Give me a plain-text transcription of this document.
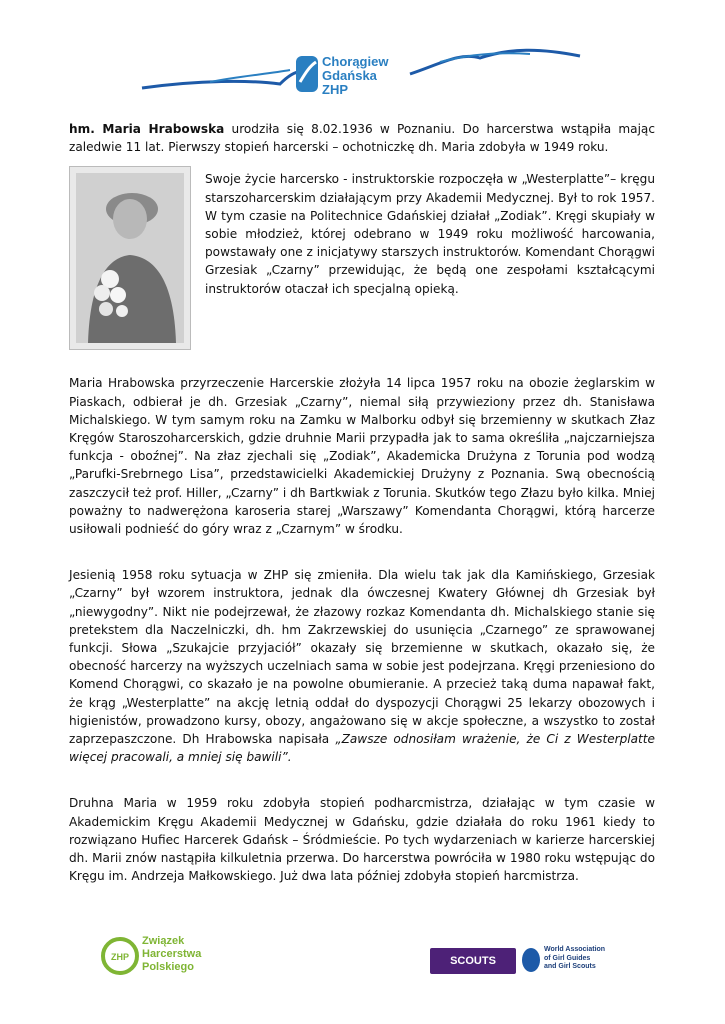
Chorągiew
Gdańska
ZHP

hm. Maria Hrabowska urodziła się 8.02.1936 w Poznaniu. Do harcerstwa wstąpiła mając zaledwie 11 lat. Pierwszy stopień harcerski – ochotniczkę dh. Maria zdobyła w 1949 roku.

Swoje życie harcersko - instruktorskie rozpoczęła w „Westerplatte”– kręgu starszoharcerskim działającym przy Akademii Medycznej. Był to rok 1957. W tym czasie na Politechnice Gdańskiej działał „Zodiak”. Kręgi skupiały w sobie młodzież, której odebrano w 1949 roku możliwość harcowania, powstawały one z inicjatywy starszych instruktorów. Komendant Chorągwi Grzesiak „Czarny” przewidując, że będą one zespołami kształcącymi instruktorów otaczał ich specjalną opieką.

Maria Hrabowska przyrzeczenie Harcerskie złożyła 14 lipca 1957 roku na obozie żeglarskim w Piaskach, odbierał je dh. Grzesiak „Czarny”, niemal siłą przywieziony przez dh. Stanisława Michalskiego. W tym samym roku na Zamku w Malborku odbył się brzemienny w skutkach Złaz Kręgów Staroszoharcerskich, gdzie druhnie Marii przypadła jak to sama określiła „najczarniejsza funkcja - oboźnej”. Na złaz zjechali się „Zodiak”, Akademicka Drużyna z Torunia pod wodzą „Parufki-Srebrnego Lisa”, przedstawicielki Akademickiej Drużyny z Poznania. Swą obecnością zaszczycił też prof. Hiller, „Czarny” i dh Bartkwiak z Torunia. Skutków tego Złazu było kilka. Mniej poważny to nadwerężona karoseria starej „Warszawy” Komendanta Chorągwi, którą harcerze usiłowali podnieść do góry wraz z „Czarnym” w środku.

Jesienią 1958 roku sytuacja w ZHP się zmieniła. Dla wielu tak jak dla Kamińskiego, Grzesiak „Czarny” był wzorem instruktora, jednak dla ówczesnej Kwatery Głównej dh Grzesiak był „niewygodny”. Nikt nie podejrzewał, że złazowy rozkaz Komendanta dh. Michalskiego stanie się pretekstem dla Naczelniczki, dh. hm Zakrzewskiej do usunięcia „Czarnego” ze sprawowanej funkcji. Słowa „Szukajcie przyjaciół” okazały się brzemienne w skutkach, okazało się, że obecność harcerzy na wyższych uczelniach sama w sobie jest podejrzana. Kręgi przeniesiono do Komend Chorągwi, co skazało je na powolne obumieranie. A przecież taką duma napawał fakt, że krąg „Westerplatte” na akcję letnią oddał do dyspozycji Chorągwi 25 lekarzy obozowych i higienistów, prowadzono kursy, obozy, angażowano się w akcje społeczne, a wszystko to został zaprzepaszczone. Dh Hrabowska napisała „Zawsze odnosiłam wrażenie, że Ci z Westerplatte więcej pracowali, a mniej się bawili”.

Druhna Maria w 1959 roku zdobyła stopień podharcmistrza, działając w tym czasie w Akademickim Kręgu Akademii Medycznej w Gdańsku, gdzie działała do roku 1961 kiedy to rozwiązano Hufiec Harcerek Gdańsk – Śródmieście. Po tych wydarzeniach w karierze harcerskiej dh. Marii znów nastąpiła kilkuletnia przerwa. Do harcerstwa powróciła w 1980 roku wstępując do Kręgu im. Andrzeja Małkowskiego. Już dwa lata później zdobyła stopień harcmistrza.

ZHP
Związek
Harcerstwa
Polskiego	SCOUTS
World Association
of Girl Guides
and Girl Scouts
